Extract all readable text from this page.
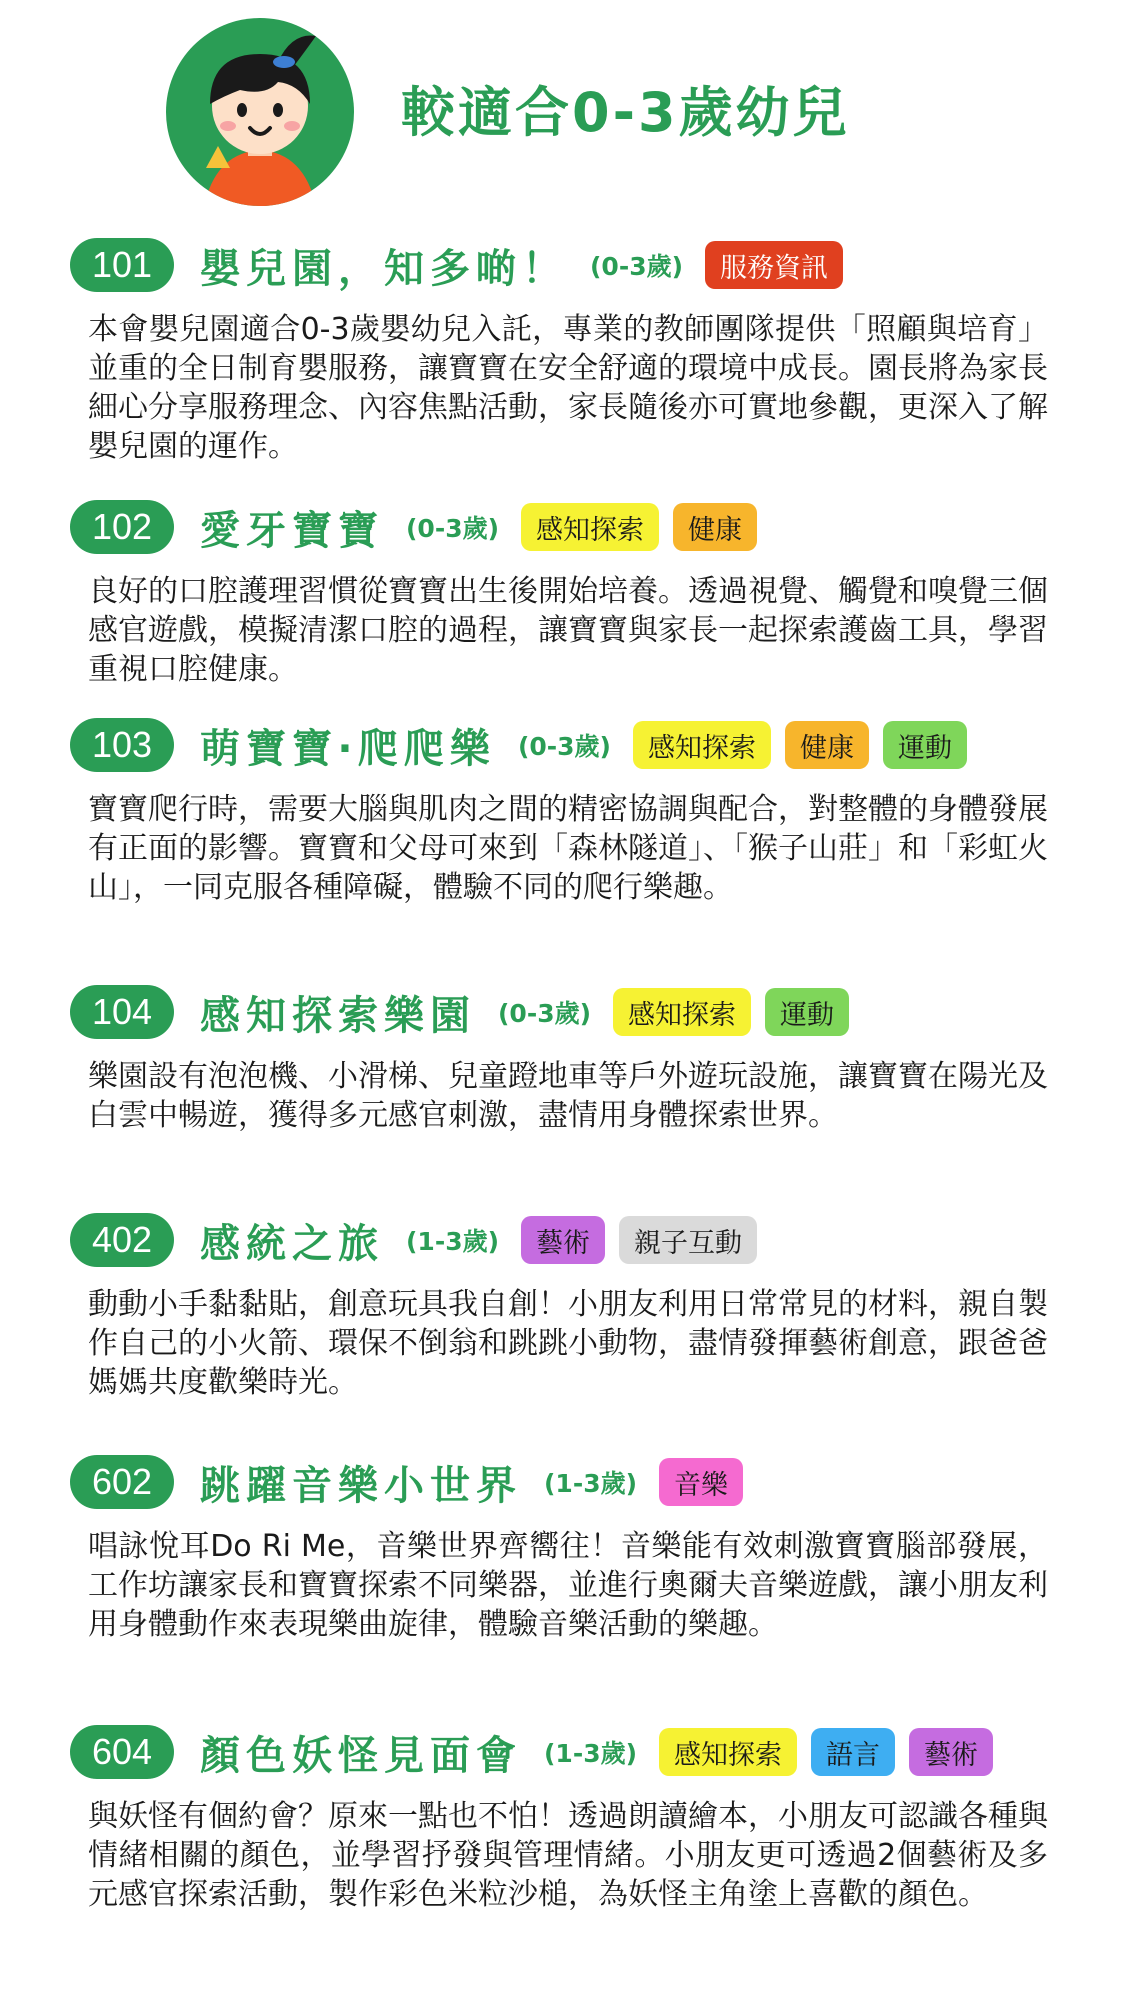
較適合0-3歲幼兒
101	嬰兒園，知多啲！ (0-3歲)	服務資訊
本會嬰兒園適合0-3歲嬰幼兒入託，專業的教師團隊提供「照顧與培育」並重的全日制育嬰服務，讓寶寶在安全舒適的環境中成長。園長將為家長細心分享服務理念、內容焦點活動，家長隨後亦可實地參觀，更深入了解嬰兒園的運作。
102	愛牙寶寶 (0-3歲)	感知探索	健康
良好的口腔護理習慣從寶寶出生後開始培養。透過視覺、觸覺和嗅覺三個感官遊戲，模擬清潔口腔的過程，讓寶寶與家長一起探索護齒工具，學習重視口腔健康。
103	萌寶寶‧爬爬樂 (0-3歲)	感知探索	健康	運動
寶寶爬行時，需要大腦與肌肉之間的精密協調與配合，對整體的身體發展有正面的影響。寶寶和父母可來到「森林隧道」、「猴子山莊」和「彩虹火山」，一同克服各種障礙，體驗不同的爬行樂趣。
104	感知探索樂園 (0-3歲)	感知探索	運動
樂園設有泡泡機、小滑梯、兒童蹬地車等戶外遊玩設施，讓寶寶在陽光及白雲中暢遊，獲得多元感官刺激，盡情用身體探索世界。
402	感統之旅 (1-3歲)	藝術	親子互動
動動小手黏黏貼，創意玩具我自創！小朋友利用日常常見的材料，親自製作自己的小火箭、環保不倒翁和跳跳小動物，盡情發揮藝術創意，跟爸爸媽媽共度歡樂時光。
602	跳躍音樂小世界 (1-3歲)	音樂
唱詠悅耳Do Ri Me，音樂世界齊嚮往！音樂能有效刺激寶寶腦部發展，工作坊讓家長和寶寶探索不同樂器，並進行奧爾夫音樂遊戲，讓小朋友利用身體動作來表現樂曲旋律，體驗音樂活動的樂趣。
604	顏色妖怪見面會 (1-3歲)	感知探索	語言	藝術
與妖怪有個約會？原來一點也不怕！透過朗讀繪本，小朋友可認識各種與情緒相關的顏色，並學習抒發與管理情緒。小朋友更可透過2個藝術及多元感官探索活動，製作彩色米粒沙槌，為妖怪主角塗上喜歡的顏色。
